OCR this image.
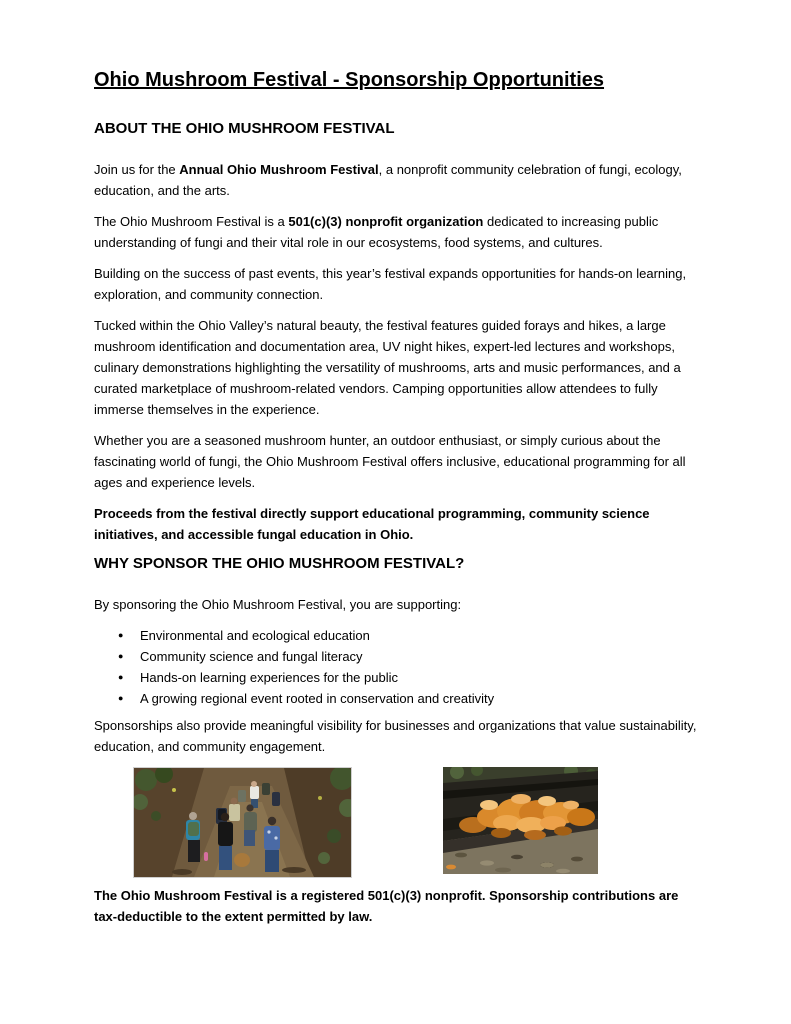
Ohio Mushroom Festival - Sponsorship Opportunities
ABOUT THE OHIO MUSHROOM FESTIVAL

Join us for the Annual Ohio Mushroom Festival, a nonprofit community celebration of fungi, ecology, education, and the arts.

The Ohio Mushroom Festival is a 501(c)(3) nonprofit organization dedicated to increasing public understanding of fungi and their vital role in our ecosystems, food systems, and cultures.

Building on the success of past events, this year’s festival expands opportunities for hands-on learning, exploration, and community connection.

Tucked within the Ohio Valley’s natural beauty, the festival features guided forays and hikes, a large mushroom identification and documentation area, UV night hikes, expert-led lectures and workshops, culinary demonstrations highlighting the versatility of mushrooms, arts and music performances, and a curated marketplace of mushroom-related vendors. Camping opportunities allow attendees to fully immerse themselves in the experience.

Whether you are a seasoned mushroom hunter, an outdoor enthusiast, or simply curious about the fascinating world of fungi, the Ohio Mushroom Festival offers inclusive, educational programming for all ages and experience levels.

Proceeds from the festival directly support educational programming, community science initiatives, and accessible fungal education in Ohio.

WHY SPONSOR THE OHIO MUSHROOM FESTIVAL?

By sponsoring the Ohio Mushroom Festival, you are supporting:

●	Environmental and ecological education
●	Community science and fungal literacy
●	Hands-on learning experiences for the public
●	A growing regional event rooted in conservation and creativity

Sponsorships also provide meaningful visibility for businesses and organizations that value sustainability, education, and community engagement.

The Ohio Mushroom Festival is a registered 501(c)(3) nonprofit. Sponsorship contributions are tax-deductible to the extent permitted by law.
